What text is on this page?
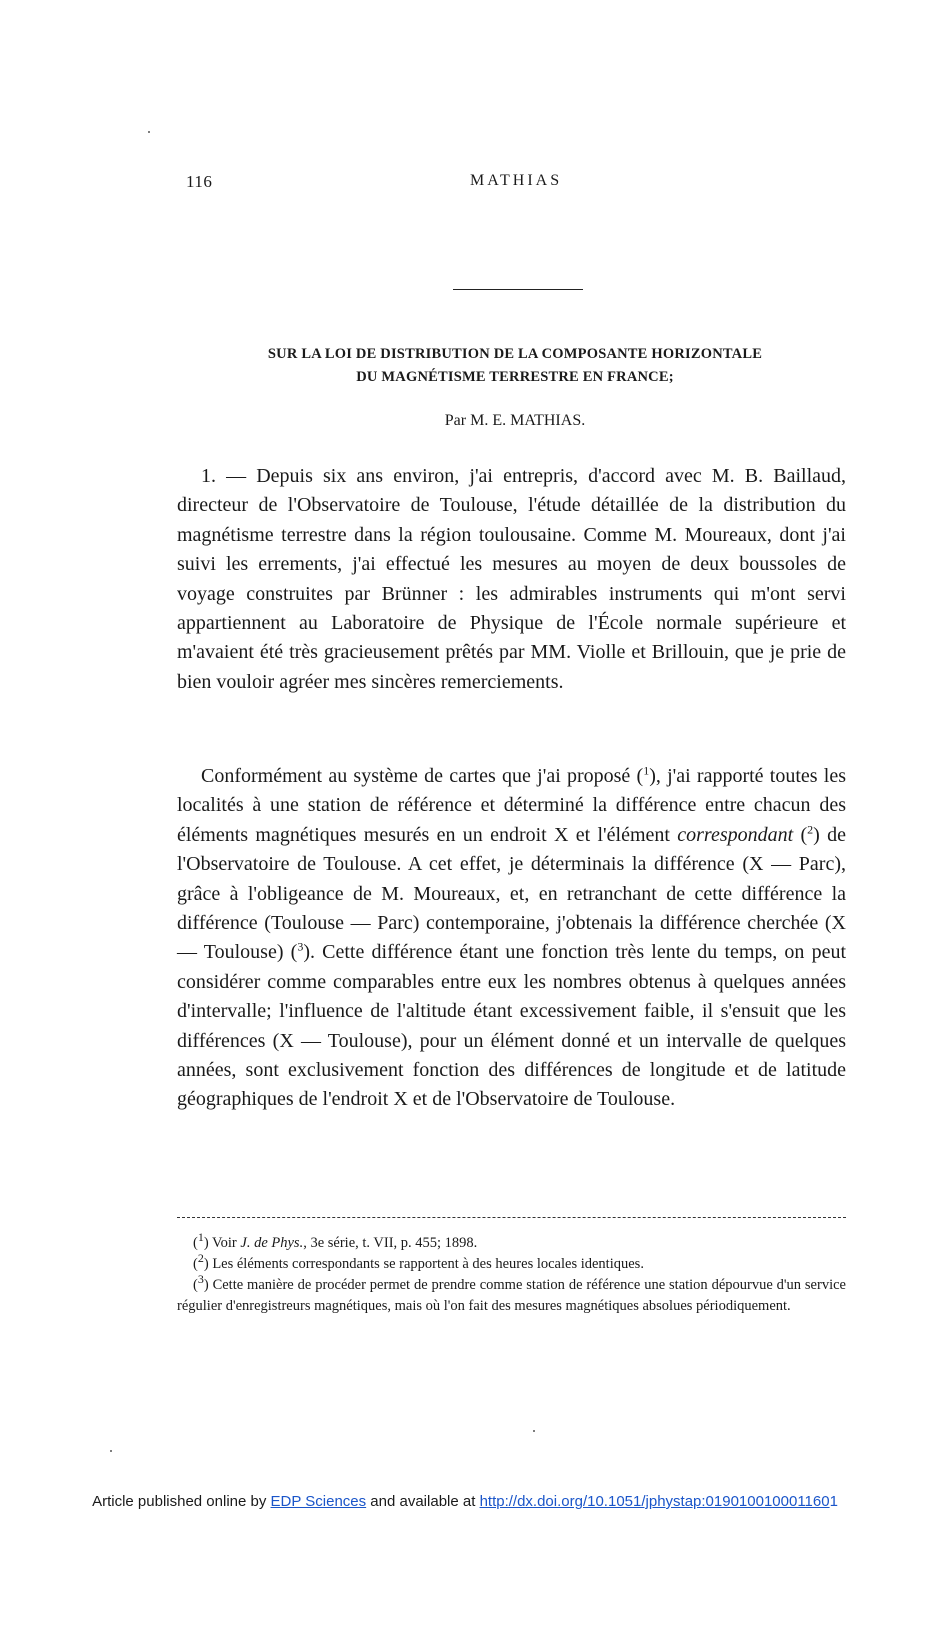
116	MATHIAS
SUR LA LOI DE DISTRIBUTION DE LA COMPOSANTE HORIZONTALE
DU MAGNÉTISME TERRESTRE EN FRANCE;
Par M. E. MATHIAS.

1. — Depuis six ans environ, j'ai entrepris, d'accord avec M. B. Baillaud, directeur de l'Observatoire de Toulouse, l'étude détaillée de la distribution du magnétisme terrestre dans la région toulousaine. Comme M. Moureaux, dont j'ai suivi les errements, j'ai effectué les mesures au moyen de deux boussoles de voyage construites par Brünner : les admirables instruments qui m'ont servi appartiennent au Laboratoire de Physique de l'École normale supérieure et m'avaient été très gracieusement prêtés par MM. Violle et Brillouin, que je prie de bien vouloir agréer mes sincères remerciements.

Conformément au système de cartes que j'ai proposé ($^1$), j'ai rapporté toutes les localités à une station de référence et déterminé la différence entre chacun des éléments magnétiques mesurés en un endroit X et l'élément correspondant ($^2$) de l'Observatoire de Toulouse. A cet effet, je déterminais la différence (X — Parc), grâce à l'obligeance de M. Moureaux, et, en retranchant de cette différence la différence (Toulouse — Parc) contemporaine, j'obtenais la différence cherchée (X — Toulouse) ($^3$). Cette différence étant une fonction très lente du temps, on peut considérer comme comparables entre eux les nombres obtenus à quelques années d'intervalle; l'influence de l'altitude étant excessivement faible, il s'ensuit que les différences (X — Toulouse), pour un élément donné et un intervalle de quelques années, sont exclusivement fonction des différences de longitude et de latitude géographiques de l'endroit X et de l'Observatoire de Toulouse.

($^1$) Voir J. de Phys., 3e série, t. VII, p. 455; 1898.

($^2$) Les éléments correspondants se rapportent à des heures locales identiques.

($^3$) Cette manière de procéder permet de prendre comme station de référence une station dépourvue d'un service régulier d'enregistreurs magnétiques, mais où l'on fait des mesures magnétiques absolues périodiquement.

Article published online by EDP Sciences and available at http://dx.doi.org/10.1051/jphystap:0190100100011601
